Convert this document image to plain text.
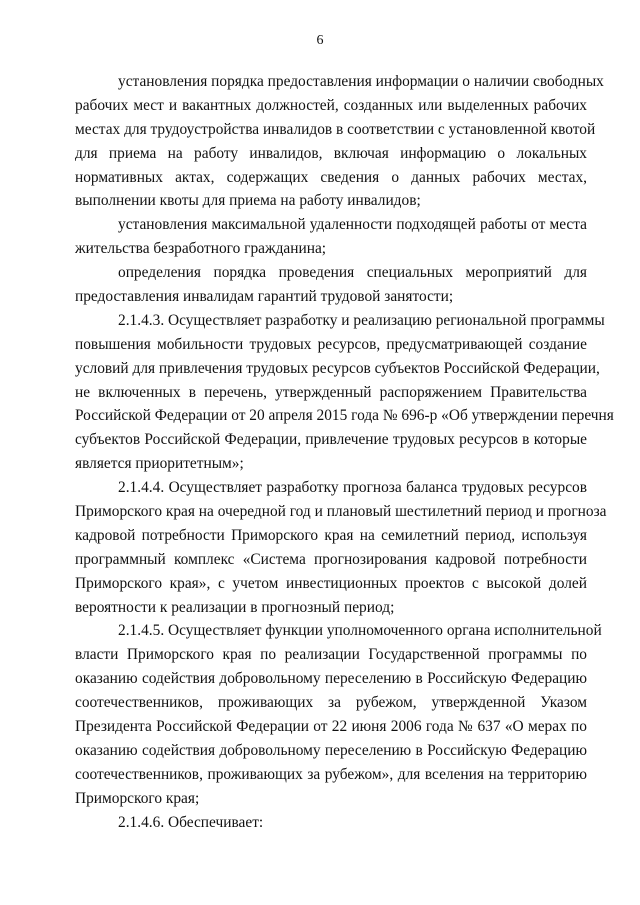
6
установления порядка предоставления информации о наличии свободных
рабочих мест и вакантных должностей, созданных или выделенных рабочих
местах для трудоустройства инвалидов в соответствии с установленной квотой
для приема на работу инвалидов, включая информацию о локальных
нормативных актах, содержащих сведения о данных рабочих местах,
выполнении квоты для приема на работу инвалидов;
установления максимальной удаленности подходящей работы от места
жительства безработного гражданина;
определения порядка проведения специальных мероприятий для
предоставления инвалидам гарантий трудовой занятости;
2.1.4.3. Осуществляет разработку и реализацию региональной программы
повышения мобильности трудовых ресурсов, предусматривающей создание
условий для привлечения трудовых ресурсов субъектов Российской Федерации,
не включенных в перечень, утвержденный распоряжением Правительства
Российской Федерации от 20 апреля 2015 года № 696-р «Об утверждении перечня
субъектов Российской Федерации, привлечение трудовых ресурсов в которые
является приоритетным»;
2.1.4.4. Осуществляет разработку прогноза баланса трудовых ресурсов
Приморского края на очередной год и плановый шестилетний период и прогноза
кадровой потребности Приморского края на семилетний период, используя
программный комплекс «Система прогнозирования кадровой потребности
Приморского края», с учетом инвестиционных проектов с высокой долей
вероятности к реализации в прогнозный период;
2.1.4.5. Осуществляет функции уполномоченного органа исполнительной
власти Приморского края по реализации Государственной программы по
оказанию содействия добровольному переселению в Российскую Федерацию
соотечественников, проживающих за рубежом, утвержденной Указом
Президента Российской Федерации от 22 июня 2006 года № 637 «О мерах по
оказанию содействия добровольному переселению в Российскую Федерацию
соотечественников, проживающих за рубежом», для вселения на территорию
Приморского края;
2.1.4.6. Обеспечивает:
